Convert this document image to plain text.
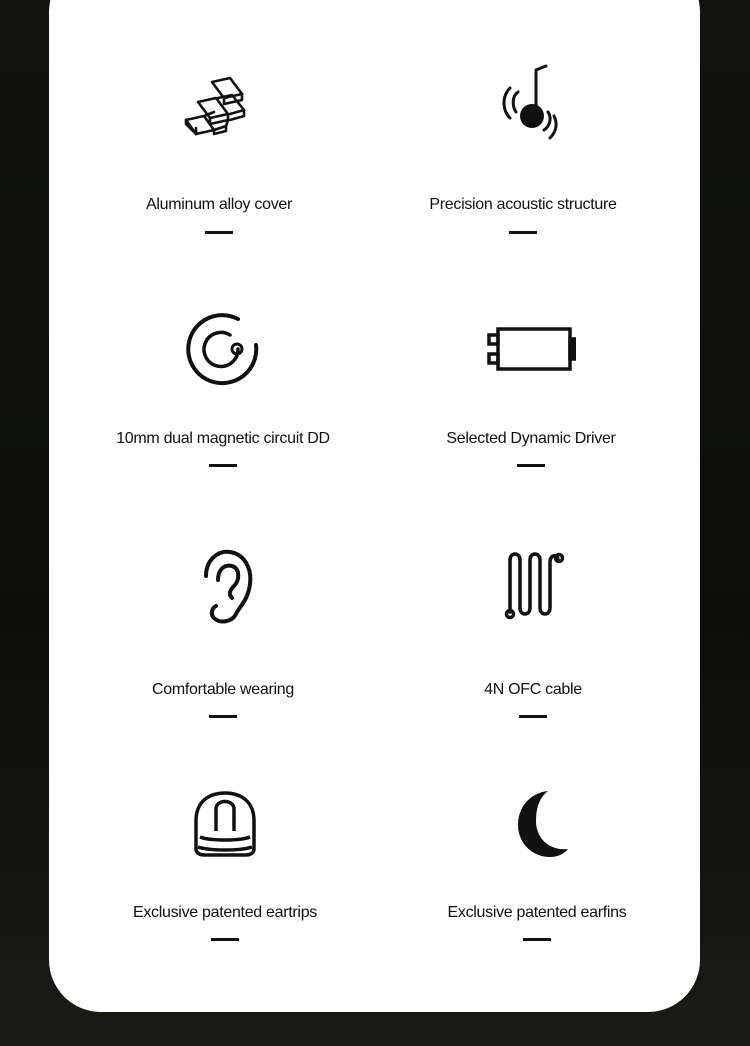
Aluminum alloy cover	Precision acoustic structure
10mm dual magnetic circuit DD	Selected Dynamic Driver
Comfortable wearing	4N OFC cable
Exclusive patented eartrips	Exclusive patented earfins
